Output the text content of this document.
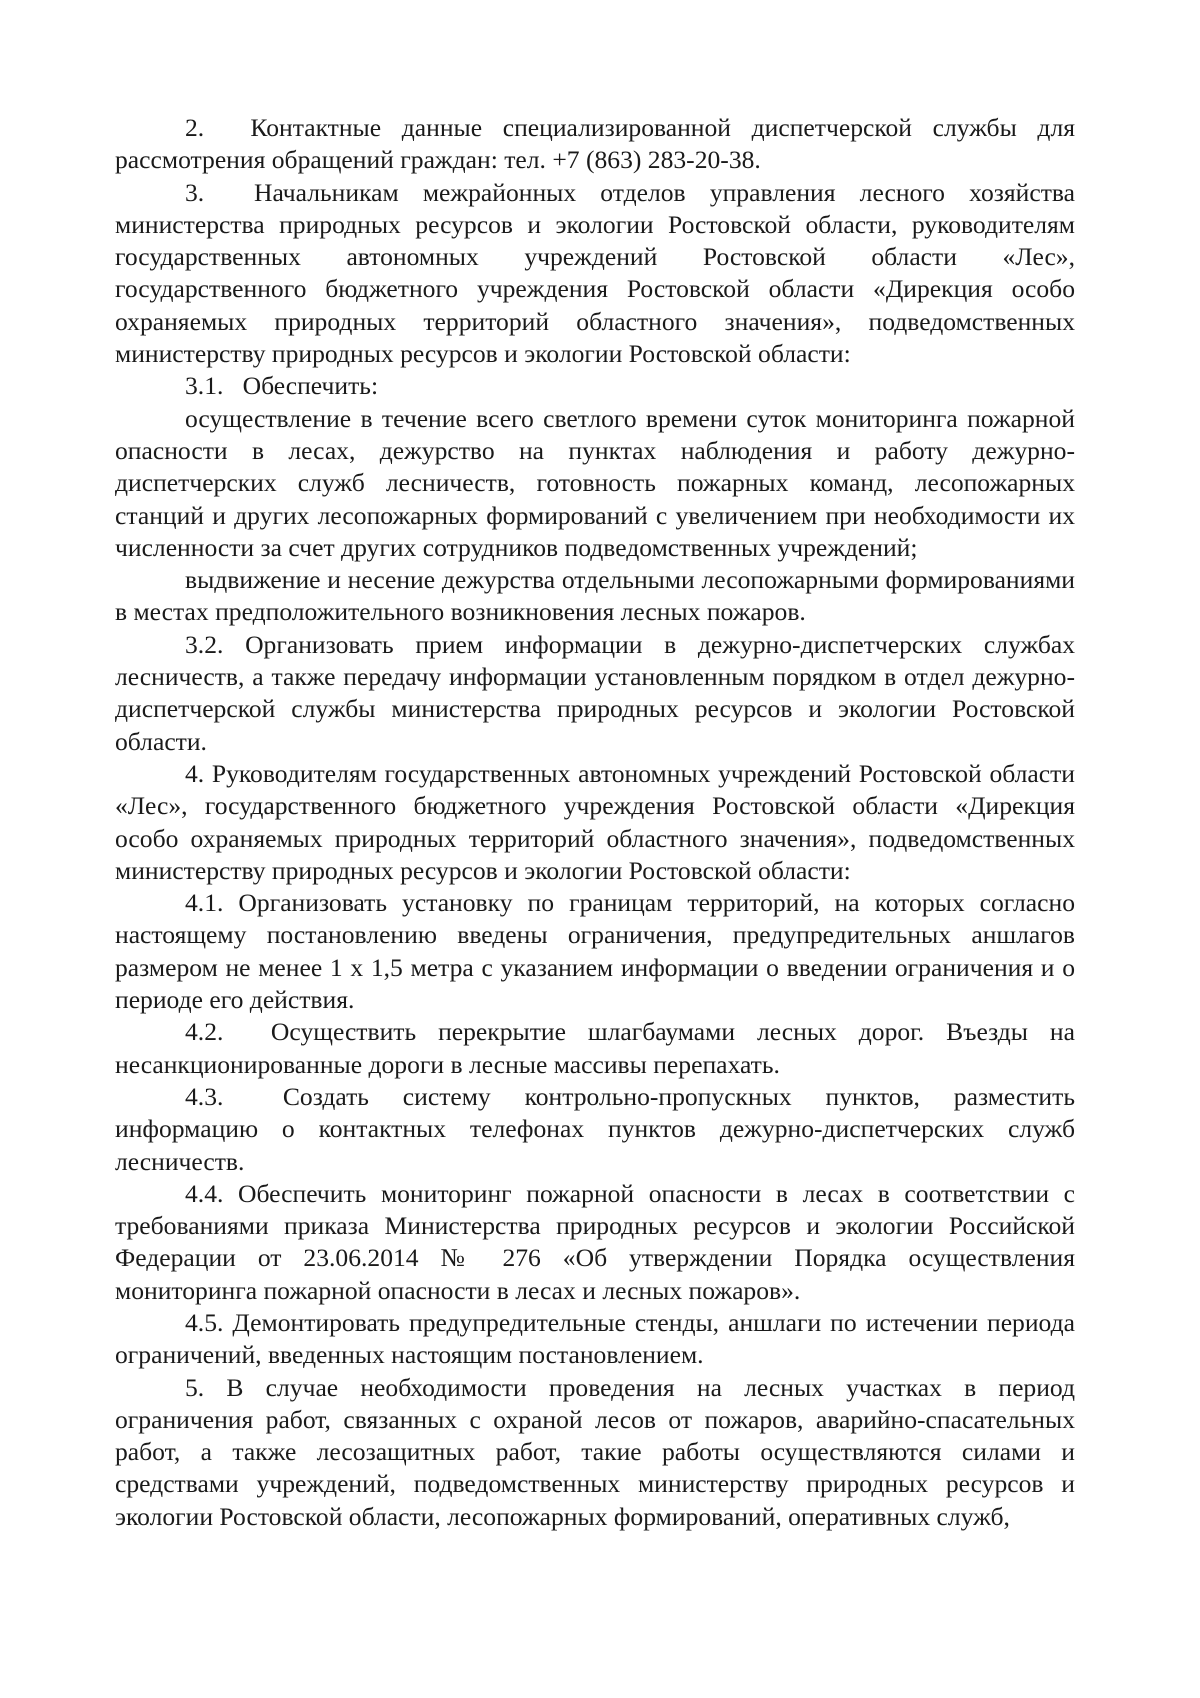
2.  Контактные данные специализированной диспетчерской службы для рассмотрения обращений граждан: тел. +7 (863) 283-20-38.

3.  Начальникам межрайонных отделов управления лесного хозяйства министерства природных ресурсов и экологии Ростовской области, руководителям государственных автономных учреждений Ростовской области «Лес», государственного бюджетного учреждения Ростовской области «Дирекция особо охраняемых природных территорий областного значения», подведомственных министерству природных ресурсов и экологии Ростовской области:

3.1.  Обеспечить:

осуществление в течение всего светлого времени суток мониторинга пожарной опасности в лесах, дежурство на пунктах наблюдения и работу дежурно-диспетчерских служб лесничеств, готовность пожарных команд, лесопожарных станций и других лесопожарных формирований с увеличением при необходимости их численности за счет других сотрудников подведомственных учреждений;

выдвижение и несение дежурства отдельными лесопожарными формированиями в местах предположительного возникновения лесных пожаров.

3.2. Организовать прием информации в дежурно-диспетчерских службах лесничеств, а также передачу информации установленным порядком в отдел дежурно-диспетчерской службы министерства природных ресурсов и экологии Ростовской области.

4. Руководителям государственных автономных учреждений Ростовской области «Лес», государственного бюджетного учреждения Ростовской области «Дирекция особо охраняемых природных территорий областного значения», подведомственных министерству природных ресурсов и экологии Ростовской области:

4.1. Организовать установку по границам территорий, на которых согласно настоящему постановлению введены ограничения, предупредительных аншлагов размером не менее 1 х 1,5 метра с указанием информации о введении ограничения и о периоде его действия.

4.2.  Осуществить перекрытие шлагбаумами лесных дорог. Въезды на несанкционированные дороги в лесные массивы перепахать.

4.3.  Создать систему контрольно-пропускных пунктов, разместить информацию о контактных телефонах пунктов дежурно-диспетчерских служб лесничеств.

4.4. Обеспечить мониторинг пожарной опасности в лесах в соответствии с требованиями приказа Министерства природных ресурсов и экологии Российской Федерации от 23.06.2014 № 276 «Об утверждении Порядка осуществления мониторинга пожарной опасности в лесах и лесных пожаров».

4.5. Демонтировать предупредительные стенды, аншлаги по истечении периода ограничений, введенных настоящим постановлением.

5. В случае необходимости проведения на лесных участках в период ограничения работ, связанных с охраной лесов от пожаров, аварийно-спасательных работ, а также лесозащитных работ, такие работы осуществляются силами и средствами учреждений, подведомственных министерству природных ресурсов и экологии Ростовской области, лесопожарных формирований, оперативных служб,
